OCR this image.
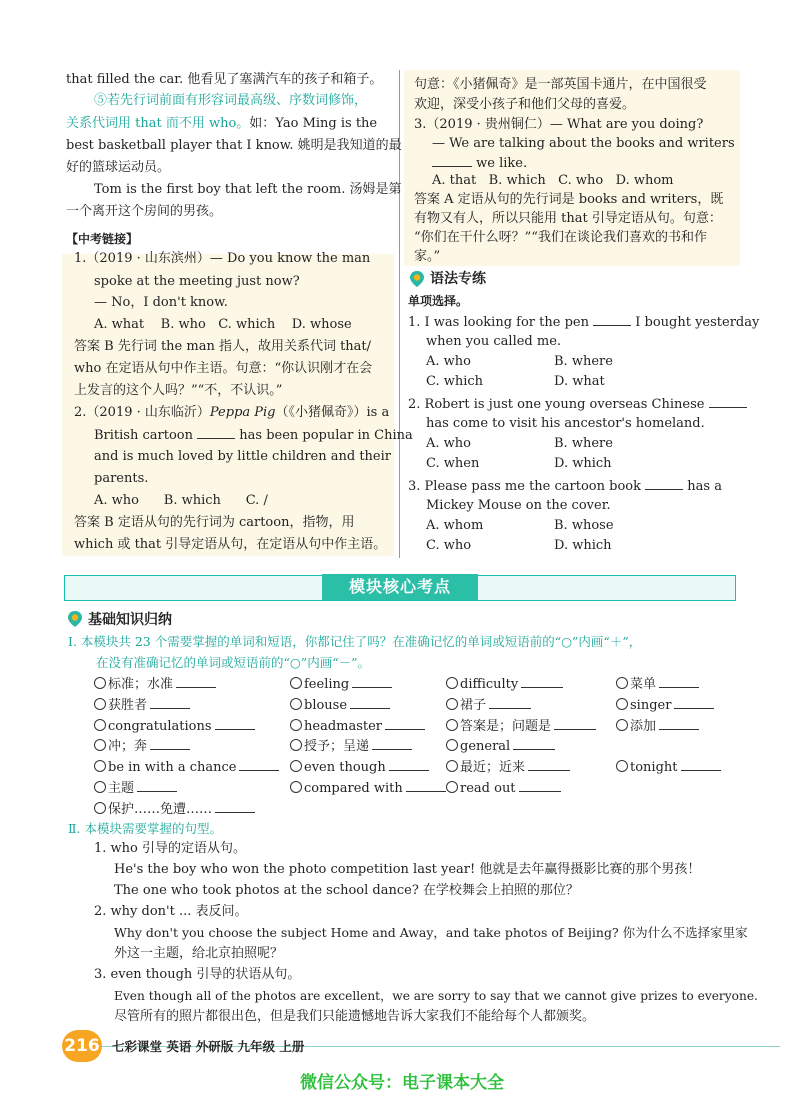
that filled the car. 他看见了塞满汽车的孩子和箱子。
⑤若先行词前面有形容词最高级、序数词修饰，
关系代词用 that 而不用 who。如：Yao Ming is the
best basketball player that I know. 姚明是我知道的最
好的篮球运动员。
Tom is the first boy that left the room. 汤姆是第
一个离开这个房间的男孩。
【中考链接】
1.（2019 · 山东滨州）— Do you know the man
spoke at the meeting just now?
— No，I don't know.
A. what    B. who   C. which    D. whose
答案 B 先行词 the man 指人，故用关系代词 that/
who 在定语从句中作主语。句意：“你认识刚才在会
上发言的这个人吗？”“不，不认识。”
2.（2019 · 山东临沂）Peppa Pig（《小猪佩奇》）is a
British cartoon	has been popular in China
and is much loved by little children and their
parents.
A. who      B. which      C. /
答案 B 定语从句的先行词为 cartoon，指物，用
which 或 that 引导定语从句，在定语从句中作主语。
句意：《小猪佩奇》是一部英国卡通片，在中国很受
欢迎，深受小孩子和他们父母的喜爱。
3.（2019 · 贵州铜仁）— What are you doing?
— We are talking about the books and writers
we like.
A. that   B. which   C. who   D. whom
答案 A 定语从句的先行词是 books and writers，既
有物又有人，所以只能用 that 引导定语从句。句意：
“你们在干什么呀？”“我们在谈论我们喜欢的书和作
家。”
语法专练
单项选择。
1. I was looking for the pen	I bought yesterday
when you called me.
A. who	B. where
C. which	D. what
2. Robert is just one young overseas Chinese
has come to visit his ancestor's homeland.
A. who	B. where
C. when	D. which
3. Please pass me the cartoon book	has a
Mickey Mouse on the cover.
A. whom	B. whose
C. who	D. which
模块核心考点
基础知识归纳
Ⅰ. 本模块共 23 个需要掌握的单词和短语，你都记住了吗？在准确记忆的单词或短语前的“○”内画“＋”，
在没有准确记忆的单词或短语前的“○”内画“－”。
标准；水准	feeling	difficulty	菜单
获胜者	blouse	裙子	singer
congratulations	headmaster	答案是；问题是	添加
冲；奔	授予；呈递	general
be in with a chance	even though	最近；近来	tonight
主题	compared with	read out
保护……免遭……
Ⅱ. 本模块需要掌握的句型。
1. who 引导的定语从句。
He's the boy who won the photo competition last year! 他就是去年赢得摄影比赛的那个男孩！
The one who took photos at the school dance? 在学校舞会上拍照的那位？
2. why don't ... 表反问。
Why don't you choose the subject Home and Away，and take photos of Beijing? 你为什么不选择家里家
外这一主题，给北京拍照呢？
3. even though 引导的状语从句。
Even though all of the photos are excellent，we are sorry to say that we cannot give prizes to everyone.
尽管所有的照片都很出色，但是我们只能遗憾地告诉大家我们不能给每个人都颁奖。
216 七彩课堂 英语 外研版 九年级 上册
微信公众号：电子课本大全
